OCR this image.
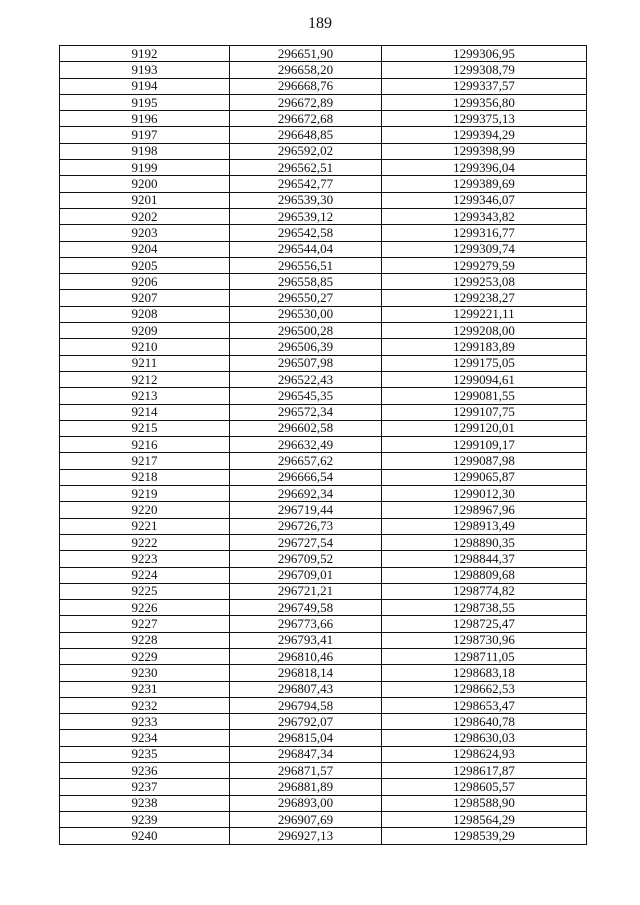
189
9192	296651,90	1299306,95
9193	296658,20	1299308,79
9194	296668,76	1299337,57
9195	296672,89	1299356,80
9196	296672,68	1299375,13
9197	296648,85	1299394,29
9198	296592,02	1299398,99
9199	296562,51	1299396,04
9200	296542,77	1299389,69
9201	296539,30	1299346,07
9202	296539,12	1299343,82
9203	296542,58	1299316,77
9204	296544,04	1299309,74
9205	296556,51	1299279,59
9206	296558,85	1299253,08
9207	296550,27	1299238,27
9208	296530,00	1299221,11
9209	296500,28	1299208,00
9210	296506,39	1299183,89
9211	296507,98	1299175,05
9212	296522,43	1299094,61
9213	296545,35	1299081,55
9214	296572,34	1299107,75
9215	296602,58	1299120,01
9216	296632,49	1299109,17
9217	296657,62	1299087,98
9218	296666,54	1299065,87
9219	296692,34	1299012,30
9220	296719,44	1298967,96
9221	296726,73	1298913,49
9222	296727,54	1298890,35
9223	296709,52	1298844,37
9224	296709,01	1298809,68
9225	296721,21	1298774,82
9226	296749,58	1298738,55
9227	296773,66	1298725,47
9228	296793,41	1298730,96
9229	296810,46	1298711,05
9230	296818,14	1298683,18
9231	296807,43	1298662,53
9232	296794,58	1298653,47
9233	296792,07	1298640,78
9234	296815,04	1298630,03
9235	296847,34	1298624,93
9236	296871,57	1298617,87
9237	296881,89	1298605,57
9238	296893,00	1298588,90
9239	296907,69	1298564,29
9240	296927,13	1298539,29
